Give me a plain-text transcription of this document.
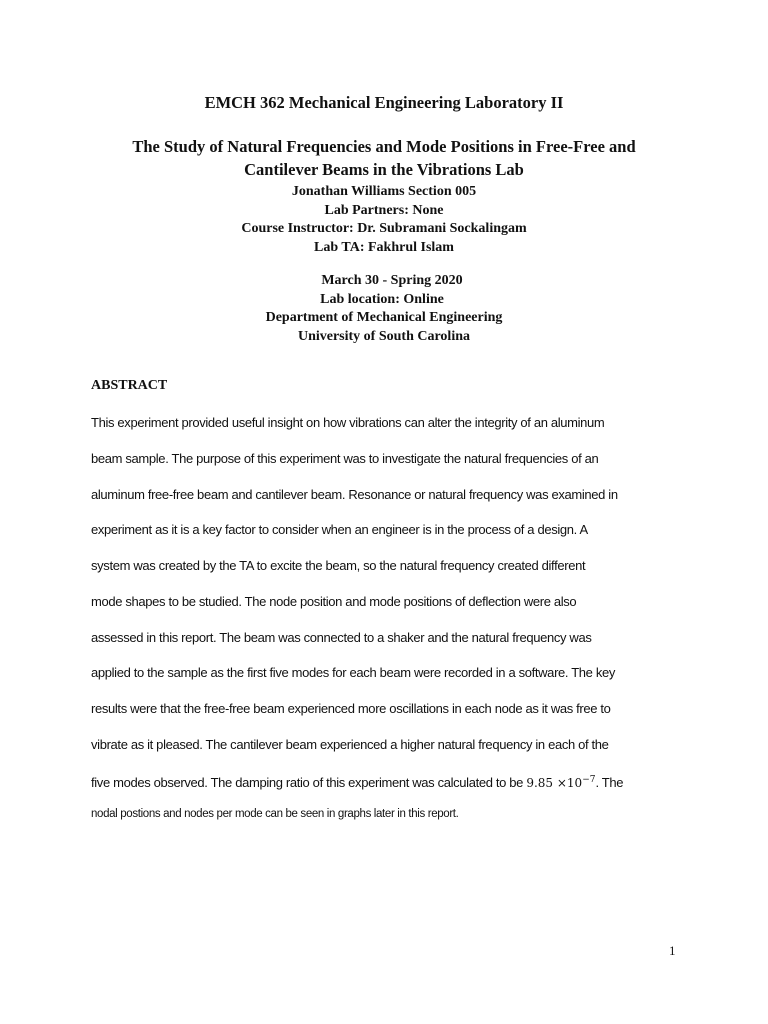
EMCH 362 Mechanical Engineering Laboratory II
The Study of Natural Frequencies and Mode Positions in Free-Free and
Cantilever Beams in the Vibrations Lab
Jonathan Williams Section 005
Lab Partners: None
Course Instructor: Dr. Subramani Sockalingam
Lab TA: Fakhrul Islam
March 30 - Spring 2020
Lab location: Online
Department of Mechanical Engineering
University of South Carolina
ABSTRACT
This experiment provided useful insight on how vibrations can alter the integrity of an aluminum
beam sample. The purpose of this experiment was to investigate the natural frequencies of an
aluminum free-free beam and cantilever beam. Resonance or natural frequency was examined in
experiment as it is a key factor to consider when an engineer is in the process of a design. A
system was created by the TA to excite the beam, so the natural frequency created different
mode shapes to be studied. The node position and mode positions of deflection were also
assessed in this report. The beam was connected to a shaker and the natural frequency was
applied to the sample as the first five modes for each beam were recorded in a software. The key
results were that the free-free beam experienced more oscillations in each node as it was free to
vibrate as it pleased. The cantilever beam experienced a higher natural frequency in each of the
five modes observed. The damping ratio of this experiment was calculated to be $9.85 \times 10^{-7}$. The
nodal postions and nodes per mode can be seen in graphs later in this report.
1
